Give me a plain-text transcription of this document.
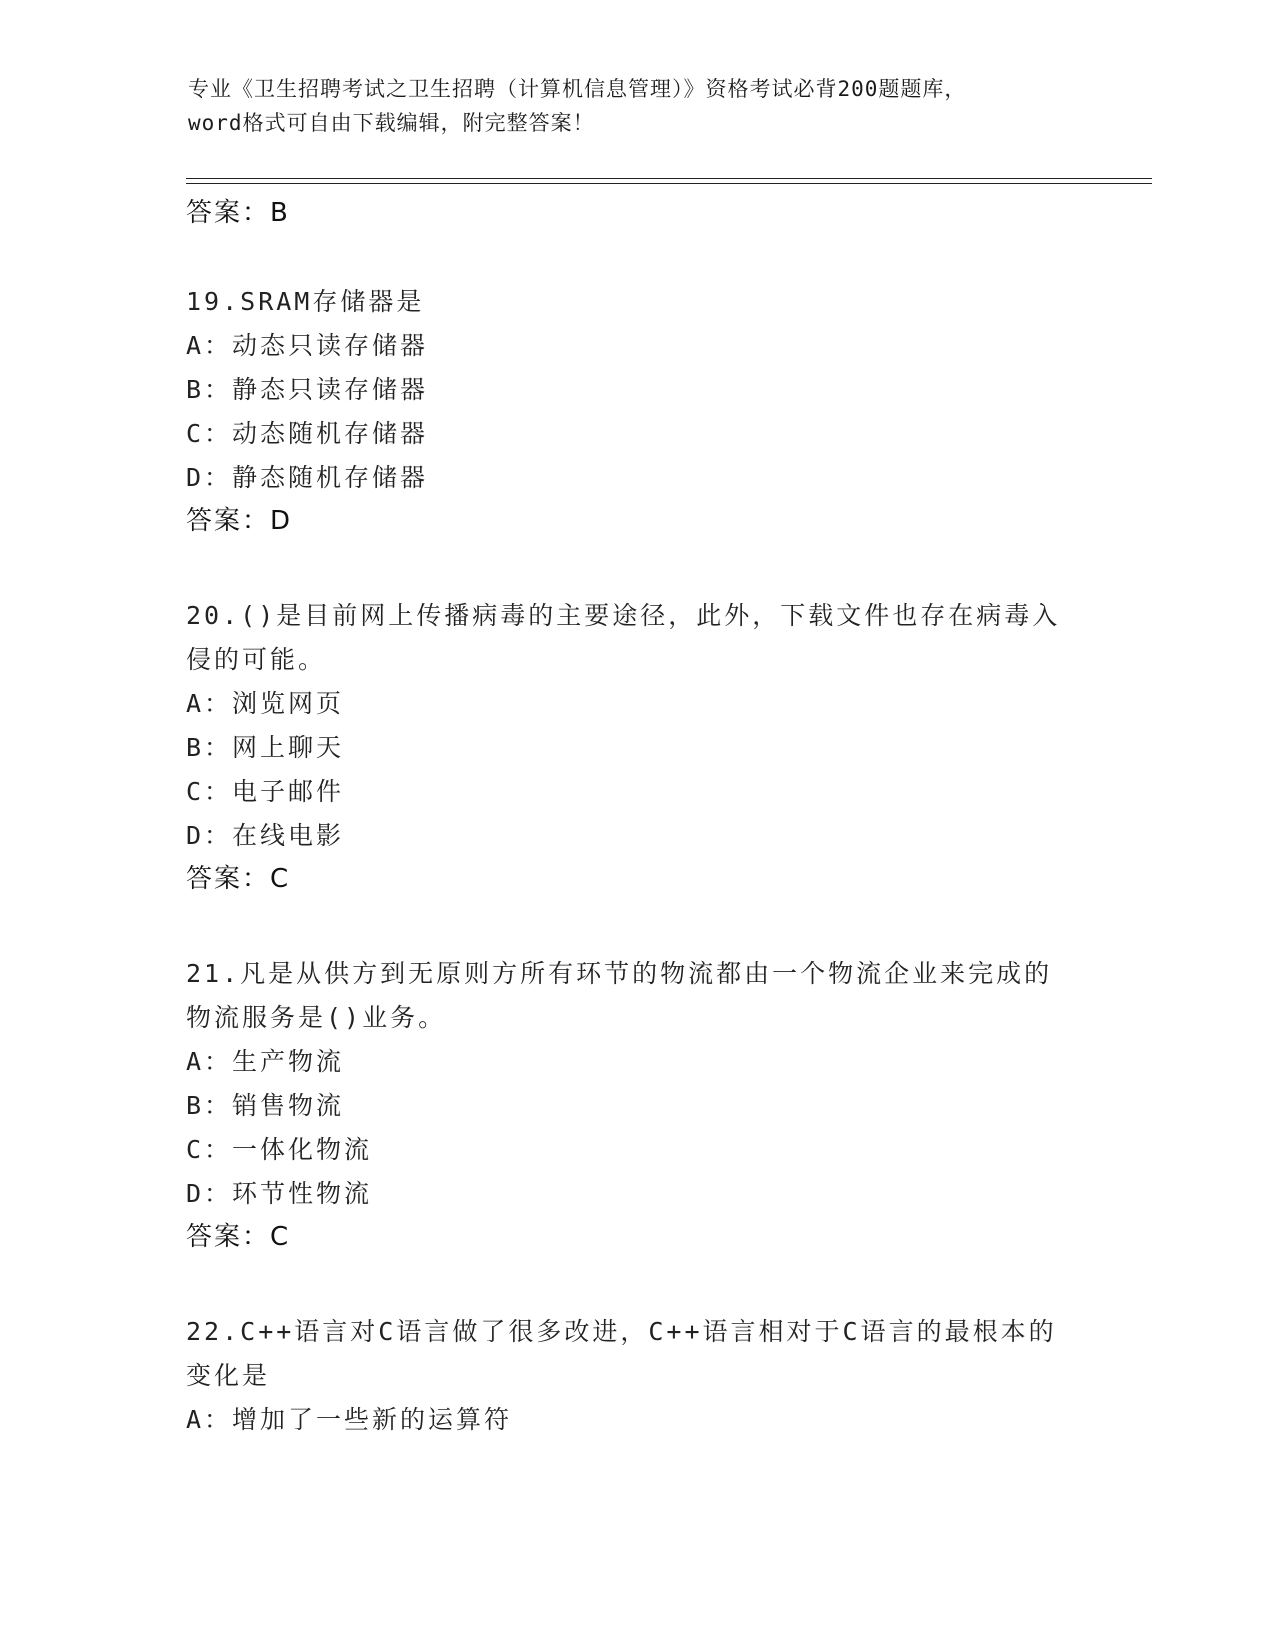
专业《卫生招聘考试之卫生招聘（计算机信息管理）》资格考试必背200题题库，
word格式可自由下载编辑，附完整答案！
答案：B
19.SRAM存储器是
A：动态只读存储器
B：静态只读存储器
C：动态随机存储器
D：静态随机存储器
答案：D
20.()是目前网上传播病毒的主要途径，此外，下载文件也存在病毒入
侵的可能。
A：浏览网页
B：网上聊天
C：电子邮件
D：在线电影
答案：C
21.凡是从供方到无原则方所有环节的物流都由一个物流企业来完成的
物流服务是()业务。
A：生产物流
B：销售物流
C：一体化物流
D：环节性物流
答案：C
22.C++语言对C语言做了很多改进，C++语言相对于C语言的最根本的
变化是
A：增加了一些新的运算符
